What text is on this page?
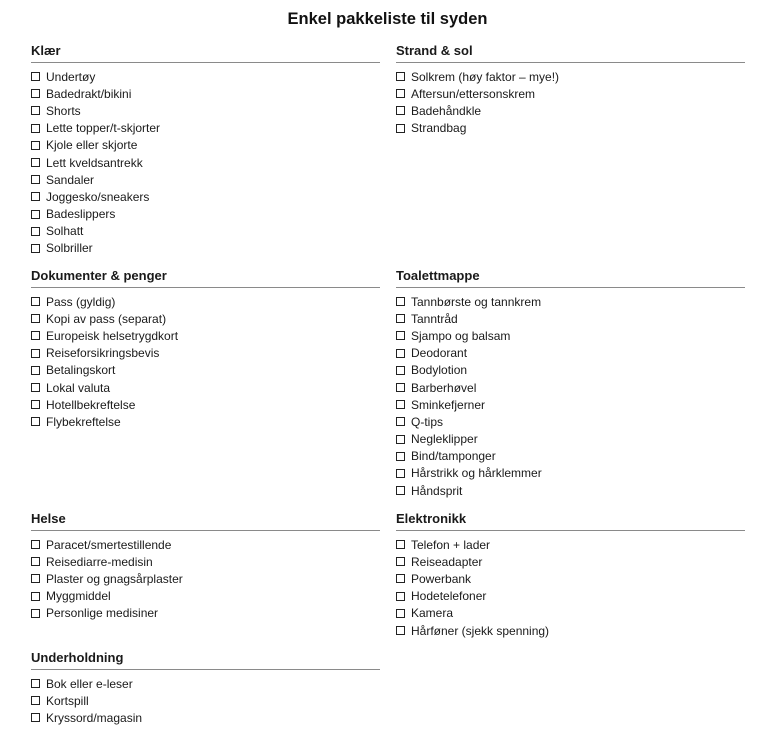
Enkel pakkeliste til syden
Klær
Undertøy
Badedrakt/bikini
Shorts
Lette topper/t-skjorter
Kjole eller skjorte
Lett kveldsantrekk
Sandaler
Joggesko/sneakers
Badeslippers
Solhatt
Solbriller
Strand & sol
Solkrem (høy faktor – mye!)
Aftersun/ettersonskrem
Badehåndkle
Strandbag
Dokumenter & penger
Pass (gyldig)
Kopi av pass (separat)
Europeisk helsetrygdkort
Reiseforsikringsbevis
Betalingskort
Lokal valuta
Hotellbekreftelse
Flybekreftelse
Toalettmappe
Tannbørste og tannkrem
Tanntråd
Sjampo og balsam
Deodorant
Bodylotion
Barberhøvel
Sminkefjerner
Q-tips
Negleklipper
Bind/tamponger
Hårstrikk og hårklemmer
Håndsprit
Helse
Paracet/smertestillende
Reisediarre-medisin
Plaster og gnagsårplaster
Myggmiddel
Personlige medisiner
Elektronikk
Telefon + lader
Reiseadapter
Powerbank
Hodetelefoner
Kamera
Hårføner (sjekk spenning)
Underholdning
Bok eller e-leser
Kortspill
Kryssord/magasin
